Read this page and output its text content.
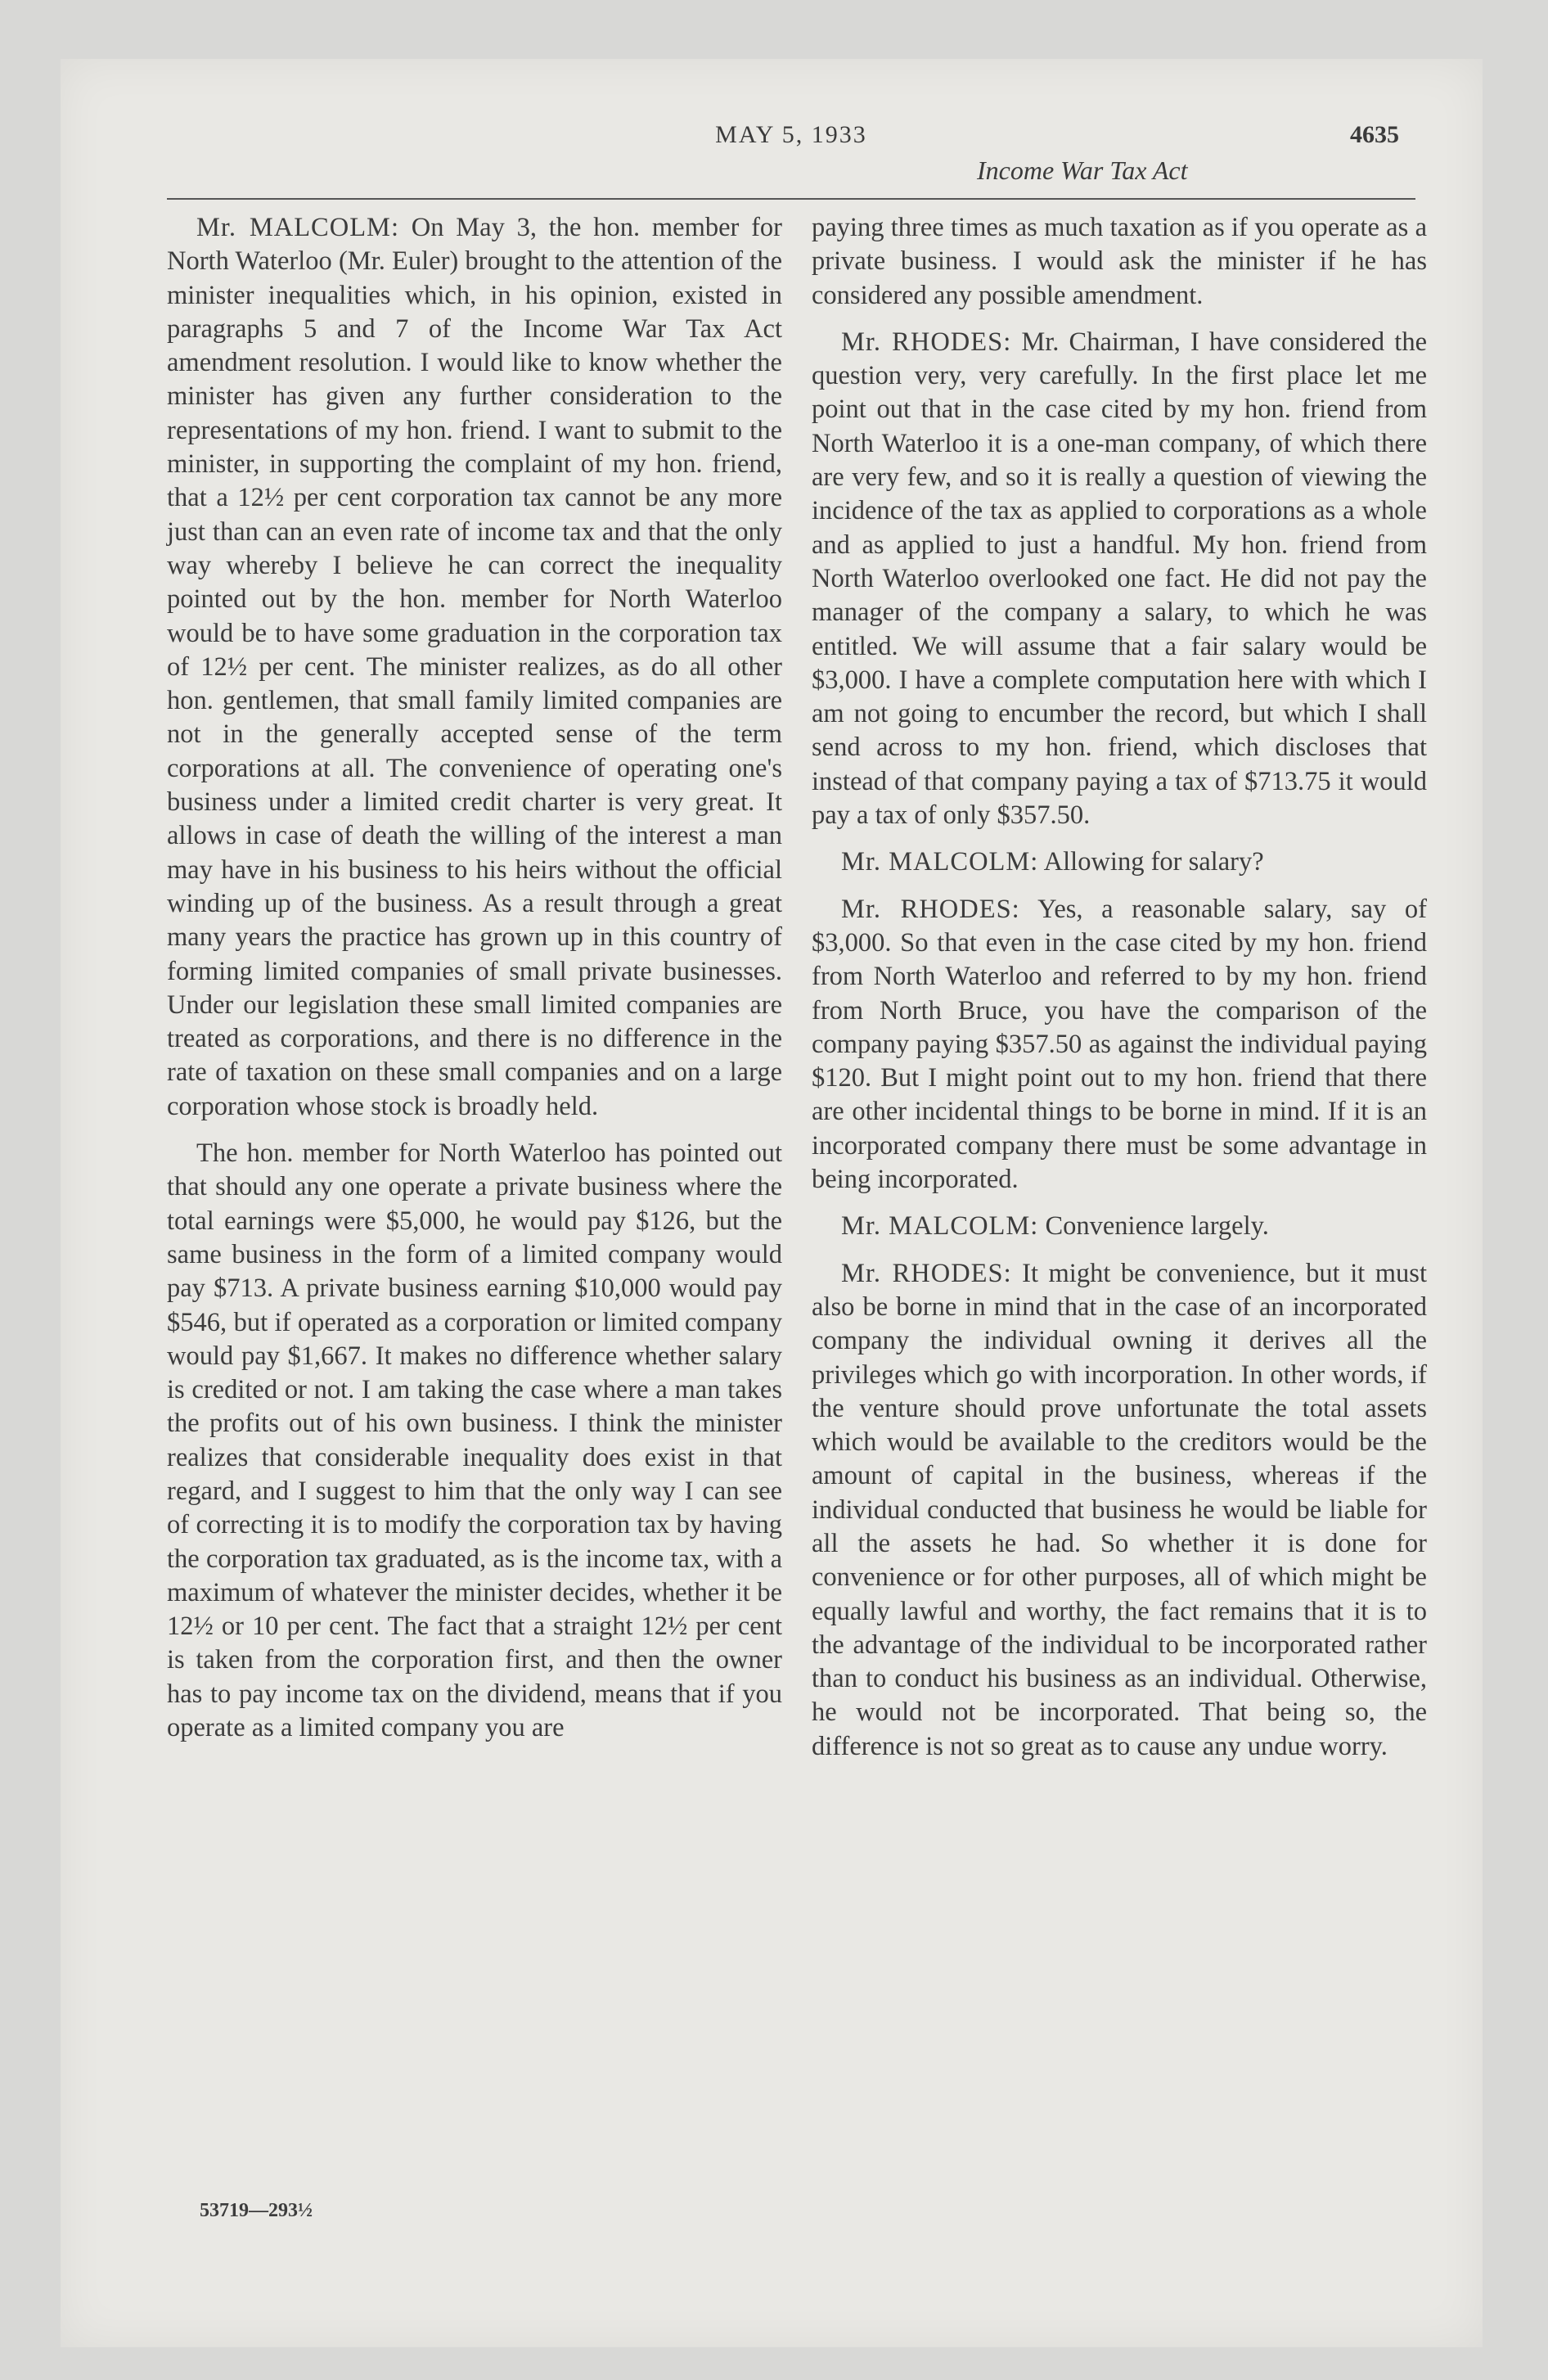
MAY 5, 1933	4635
Income War Tax Act

Mr. MALCOLM: On May 3, the hon. member for North Waterloo (Mr. Euler) brought to the attention of the minister inequalities which, in his opinion, existed in paragraphs 5 and 7 of the Income War Tax Act amendment resolution. I would like to know whether the minister has given any further consideration to the representations of my hon. friend. I want to submit to the minister, in supporting the complaint of my hon. friend, that a 12½ per cent corporation tax cannot be any more just than can an even rate of income tax and that the only way whereby I believe he can correct the inequality pointed out by the hon. member for North Waterloo would be to have some graduation in the corporation tax of 12½ per cent. The minister realizes, as do all other hon. gentlemen, that small family limited companies are not in the generally accepted sense of the term corporations at all. The convenience of operating one's business under a limited credit charter is very great. It allows in case of death the willing of the interest a man may have in his business to his heirs without the official winding up of the business. As a result through a great many years the practice has grown up in this country of forming limited companies of small private businesses. Under our legislation these small limited companies are treated as corporations, and there is no difference in the rate of taxation on these small companies and on a large corporation whose stock is broadly held.

The hon. member for North Waterloo has pointed out that should any one operate a private business where the total earnings were $5,000, he would pay $126, but the same business in the form of a limited company would pay $713. A private business earning $10,000 would pay $546, but if operated as a corporation or limited company would pay $1,667. It makes no difference whether salary is credited or not. I am taking the case where a man takes the profits out of his own business. I think the minister realizes that considerable inequality does exist in that regard, and I suggest to him that the only way I can see of correcting it is to modify the corporation tax by having the corporation tax graduated, as is the income tax, with a maximum of whatever the minister decides, whether it be 12½ or 10 per cent. The fact that a straight 12½ per cent is taken from the corporation first, and then the owner has to pay income tax on the dividend, means that if you operate as a limited company you are

paying three times as much taxation as if you operate as a private business. I would ask the minister if he has considered any possible amendment.

Mr. RHODES: Mr. Chairman, I have considered the question very, very carefully. In the first place let me point out that in the case cited by my hon. friend from North Waterloo it is a one-man company, of which there are very few, and so it is really a question of viewing the incidence of the tax as applied to corporations as a whole and as applied to just a handful. My hon. friend from North Waterloo overlooked one fact. He did not pay the manager of the company a salary, to which he was entitled. We will assume that a fair salary would be $3,000. I have a complete computation here with which I am not going to encumber the record, but which I shall send across to my hon. friend, which discloses that instead of that company paying a tax of $713.75 it would pay a tax of only $357.50.

Mr. MALCOLM: Allowing for salary?

Mr. RHODES: Yes, a reasonable salary, say of $3,000. So that even in the case cited by my hon. friend from North Waterloo and referred to by my hon. friend from North Bruce, you have the comparison of the company paying $357.50 as against the individual paying $120. But I might point out to my hon. friend that there are other incidental things to be borne in mind. If it is an incorporated company there must be some advantage in being incorporated.

Mr. MALCOLM: Convenience largely.

Mr. RHODES: It might be convenience, but it must also be borne in mind that in the case of an incorporated company the individual owning it derives all the privileges which go with incorporation. In other words, if the venture should prove unfortunate the total assets which would be available to the creditors would be the amount of capital in the business, whereas if the individual conducted that business he would be liable for all the assets he had. So whether it is done for convenience or for other purposes, all of which might be equally lawful and worthy, the fact remains that it is to the advantage of the individual to be incorporated rather than to conduct his business as an individual. Otherwise, he would not be incorporated. That being so, the difference is not so great as to cause any undue worry.

53719—293½
